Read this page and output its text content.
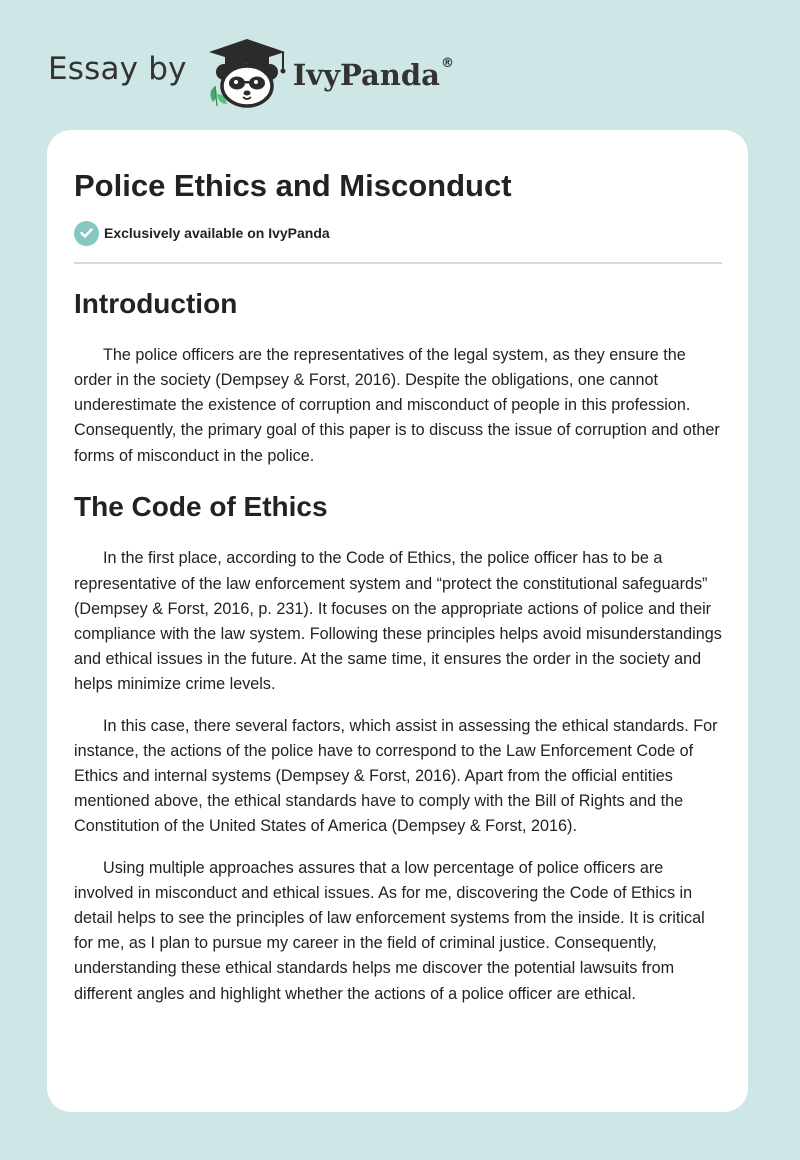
Essay by	IvyPanda®
Police Ethics and Misconduct
Exclusively available on IvyPanda
Introduction

The police officers are the representatives of the legal system, as they ensure the order in the society (Dempsey & Forst, 2016). Despite the obligations, one cannot underestimate the existence of corruption and misconduct of people in this profession. Consequently, the primary goal of this paper is to discuss the issue of corruption and other forms of misconduct in the police.

The Code of Ethics

In the first place, according to the Code of Ethics, the police officer has to be a representative of the law enforcement system and “protect the constitutional safeguards” (Dempsey & Forst, 2016, p. 231). It focuses on the appropriate actions of police and their compliance with the law system. Following these principles helps avoid misunderstandings and ethical issues in the future. At the same time, it ensures the order in the society and helps minimize crime levels.

In this case, there several factors, which assist in assessing the ethical standards. For instance, the actions of the police have to correspond to the Law Enforcement Code of Ethics and internal systems (Dempsey & Forst, 2016). Apart from the official entities mentioned above, the ethical standards have to comply with the Bill of Rights and the Constitution of the United States of America (Dempsey & Forst, 2016).

Using multiple approaches assures that a low percentage of police officers are involved in misconduct and ethical issues. As for me, discovering the Code of Ethics in detail helps to see the principles of law enforcement systems from the inside. It is critical for me, as I plan to pursue my career in the field of criminal justice. Consequently, understanding these ethical standards helps me discover the potential lawsuits from different angles and highlight whether the actions of a police officer are ethical.
